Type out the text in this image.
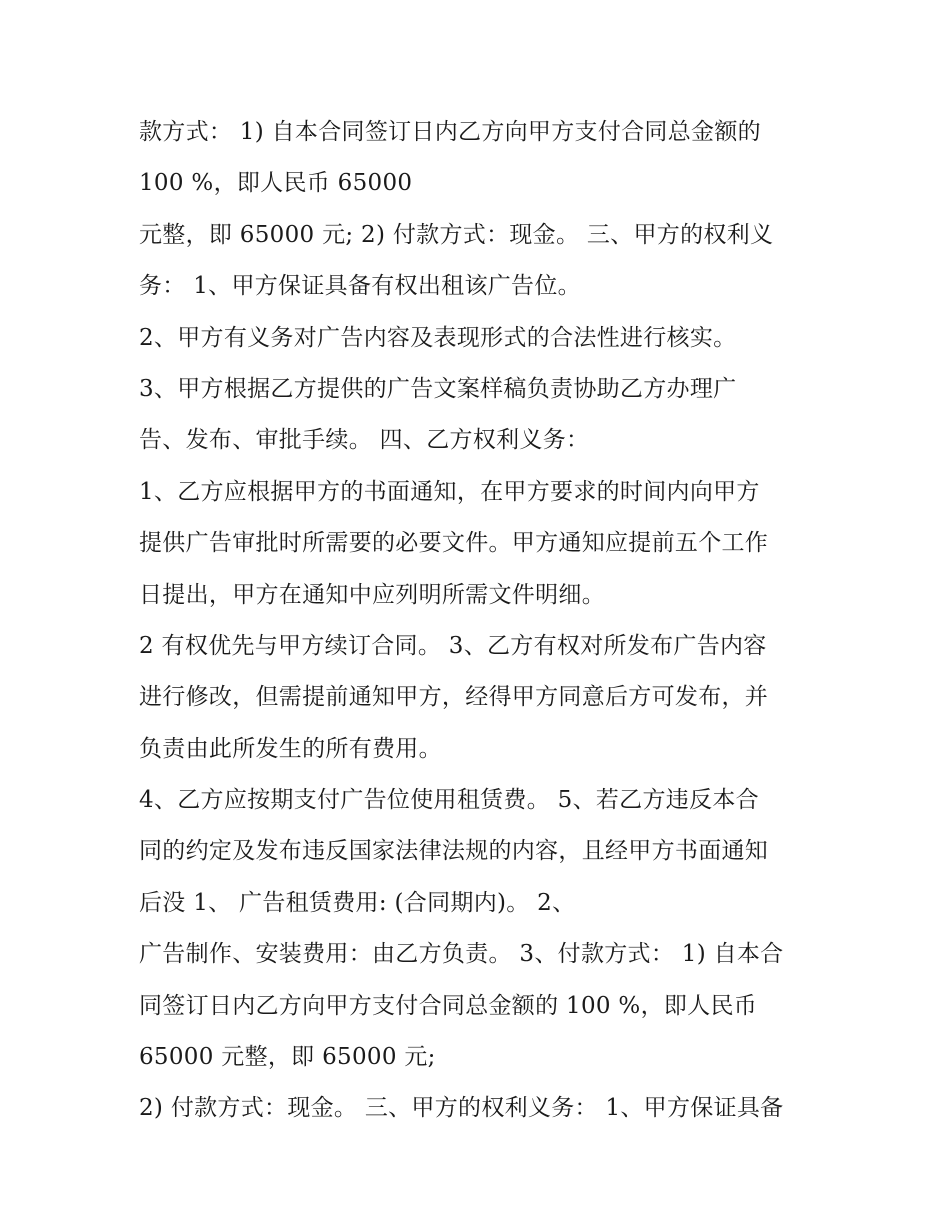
款方式： 1) 自本合同签订日内乙方向甲方支付合同总金额的
100 %，即人民币 65000
元整，即 65000 元; 2) 付款方式：现金。 三、甲方的权利义
务： 1、甲方保证具备有权出租该广告位。
2、甲方有义务对广告内容及表现形式的合法性进行核实。
3、甲方根据乙方提供的广告文案样稿负责协助乙方办理广
告、发布、审批手续。 四、乙方权利义务：
1、乙方应根据甲方的书面通知，在甲方要求的时间内向甲方
提供广告审批时所需要的必要文件。甲方通知应提前五个工作
日提出，甲方在通知中应列明所需文件明细。
2 有权优先与甲方续订合同。 3、乙方有权对所发布广告内容
进行修改，但需提前通知甲方，经得甲方同意后方可发布，并
负责由此所发生的所有费用。
4、乙方应按期支付广告位使用租赁费。 5、若乙方违反本合
同的约定及发布违反国家法律法规的内容，且经甲方书面通知
后没 1、 广告租赁费用: (合同期内)。 2、
广告制作、安装费用：由乙方负责。 3、付款方式： 1) 自本合
同签订日内乙方向甲方支付合同总金额的 100 %，即人民币
65000 元整，即 65000 元;
2) 付款方式：现金。 三、甲方的权利义务： 1、甲方保证具备
